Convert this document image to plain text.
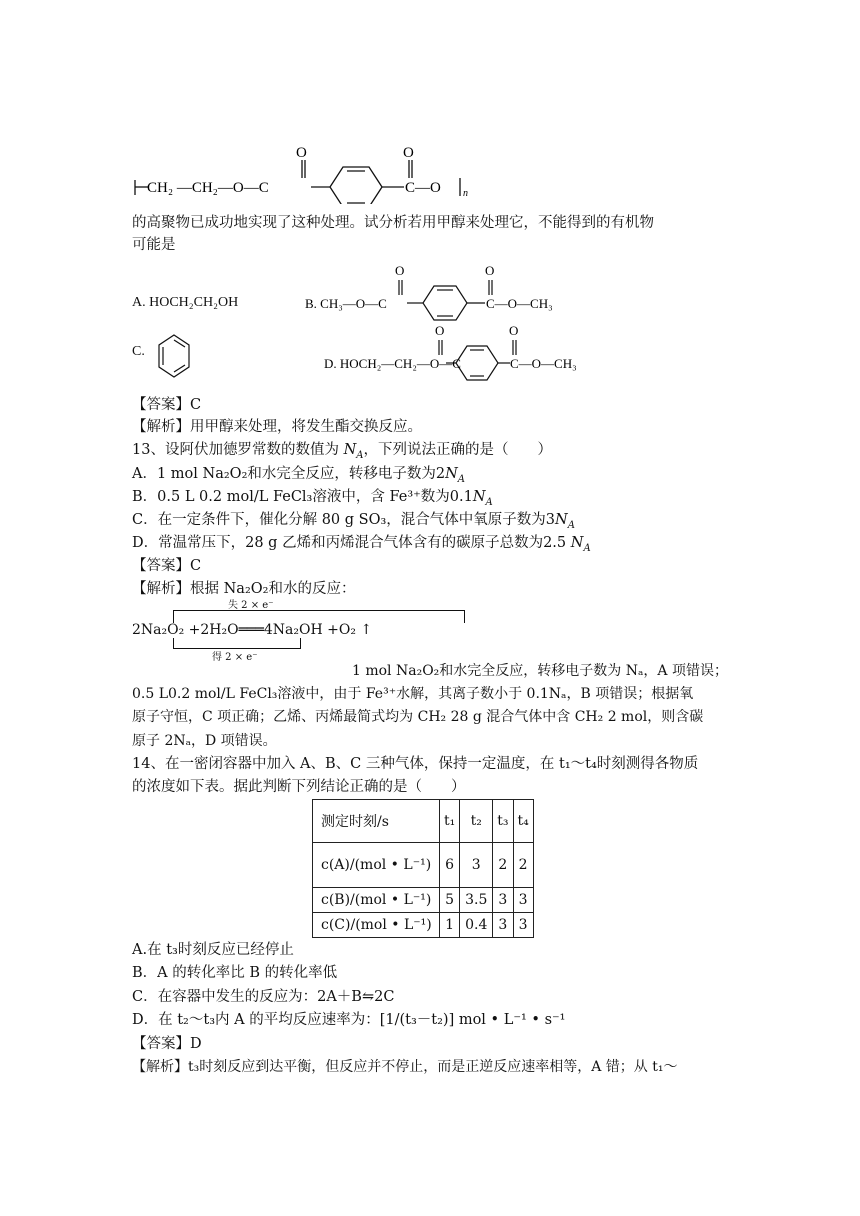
O	O
CH₂ —CH₂—O—C	C—O n
的高聚物已成功地实现了这种处理。试分析若用甲醇来处理它，不能得到的有机物
可能是
A. HOCH₂CH₂OH
O	O
B. CH₃—O—C	C—O—CH₃
C.
O	O
D. HOCH₂—CH₂—O—C	C—O—CH₃
【答案】C
【解析】用甲醇来处理，将发生酯交换反应。
13、设阿伏加德罗常数的数值为 $N_A$，下列说法正确的是（　　）
A．1 mol Na₂O₂和水完全反应，转移电子数为$2N_A$
B．0.5 L 0.2 mol/L FeCl₃溶液中，含 Fe³⁺数为$0.1N_A$
C．在一定条件下，催化分解 80 g SO₃，混合气体中氧原子数为$3N_A$
D．常温常压下，28 g 乙烯和丙烯混合气体含有的碳原子总数为2.5 $N_A$
【答案】C
【解析】根据 Na₂O₂和水的反应：
失 2 × e⁻
2Na₂O₂ +2H₂O═══4Na₂OH +O₂ ↑
得 2 × e⁻
1 mol Na₂O₂和水完全反应，转移电子数为 Nₐ，A 项错误；
0.5 L0.2 mol/L FeCl₃溶液中，由于 Fe³⁺水解，其离子数小于 0.1Nₐ，B 项错误；根据氧
原子守恒，C 项正确；乙烯、丙烯最简式均为 CH₂ 28 g 混合气体中含 CH₂ 2 mol，则含碳
原子 2Nₐ，D 项错误。
14、在一密闭容器中加入 A、B、C 三种气体，保持一定温度，在 t₁～t₄时刻测得各物质
的浓度如下表。据此判断下列结论正确的是（　　）
测定时刻/s	t₁	t₂	t₃	t₄
c(A)/(mol • L⁻¹)	6	3	2	2
c(B)/(mol • L⁻¹)	5	3.5	3	3
c(C)/(mol • L⁻¹)	1	0.4	3	3
A.在 t₃时刻反应已经停止
B．A 的转化率比 B 的转化率低
C．在容器中发生的反应为：2A＋B⇋2C
D．在 t₂～t₃内 A 的平均反应速率为：[1/(t₃－t₂)] mol • L⁻¹ • s⁻¹
【答案】D
【解析】t₃时刻反应到达平衡，但反应并不停止，而是正逆反应速率相等，A 错；从 t₁～
